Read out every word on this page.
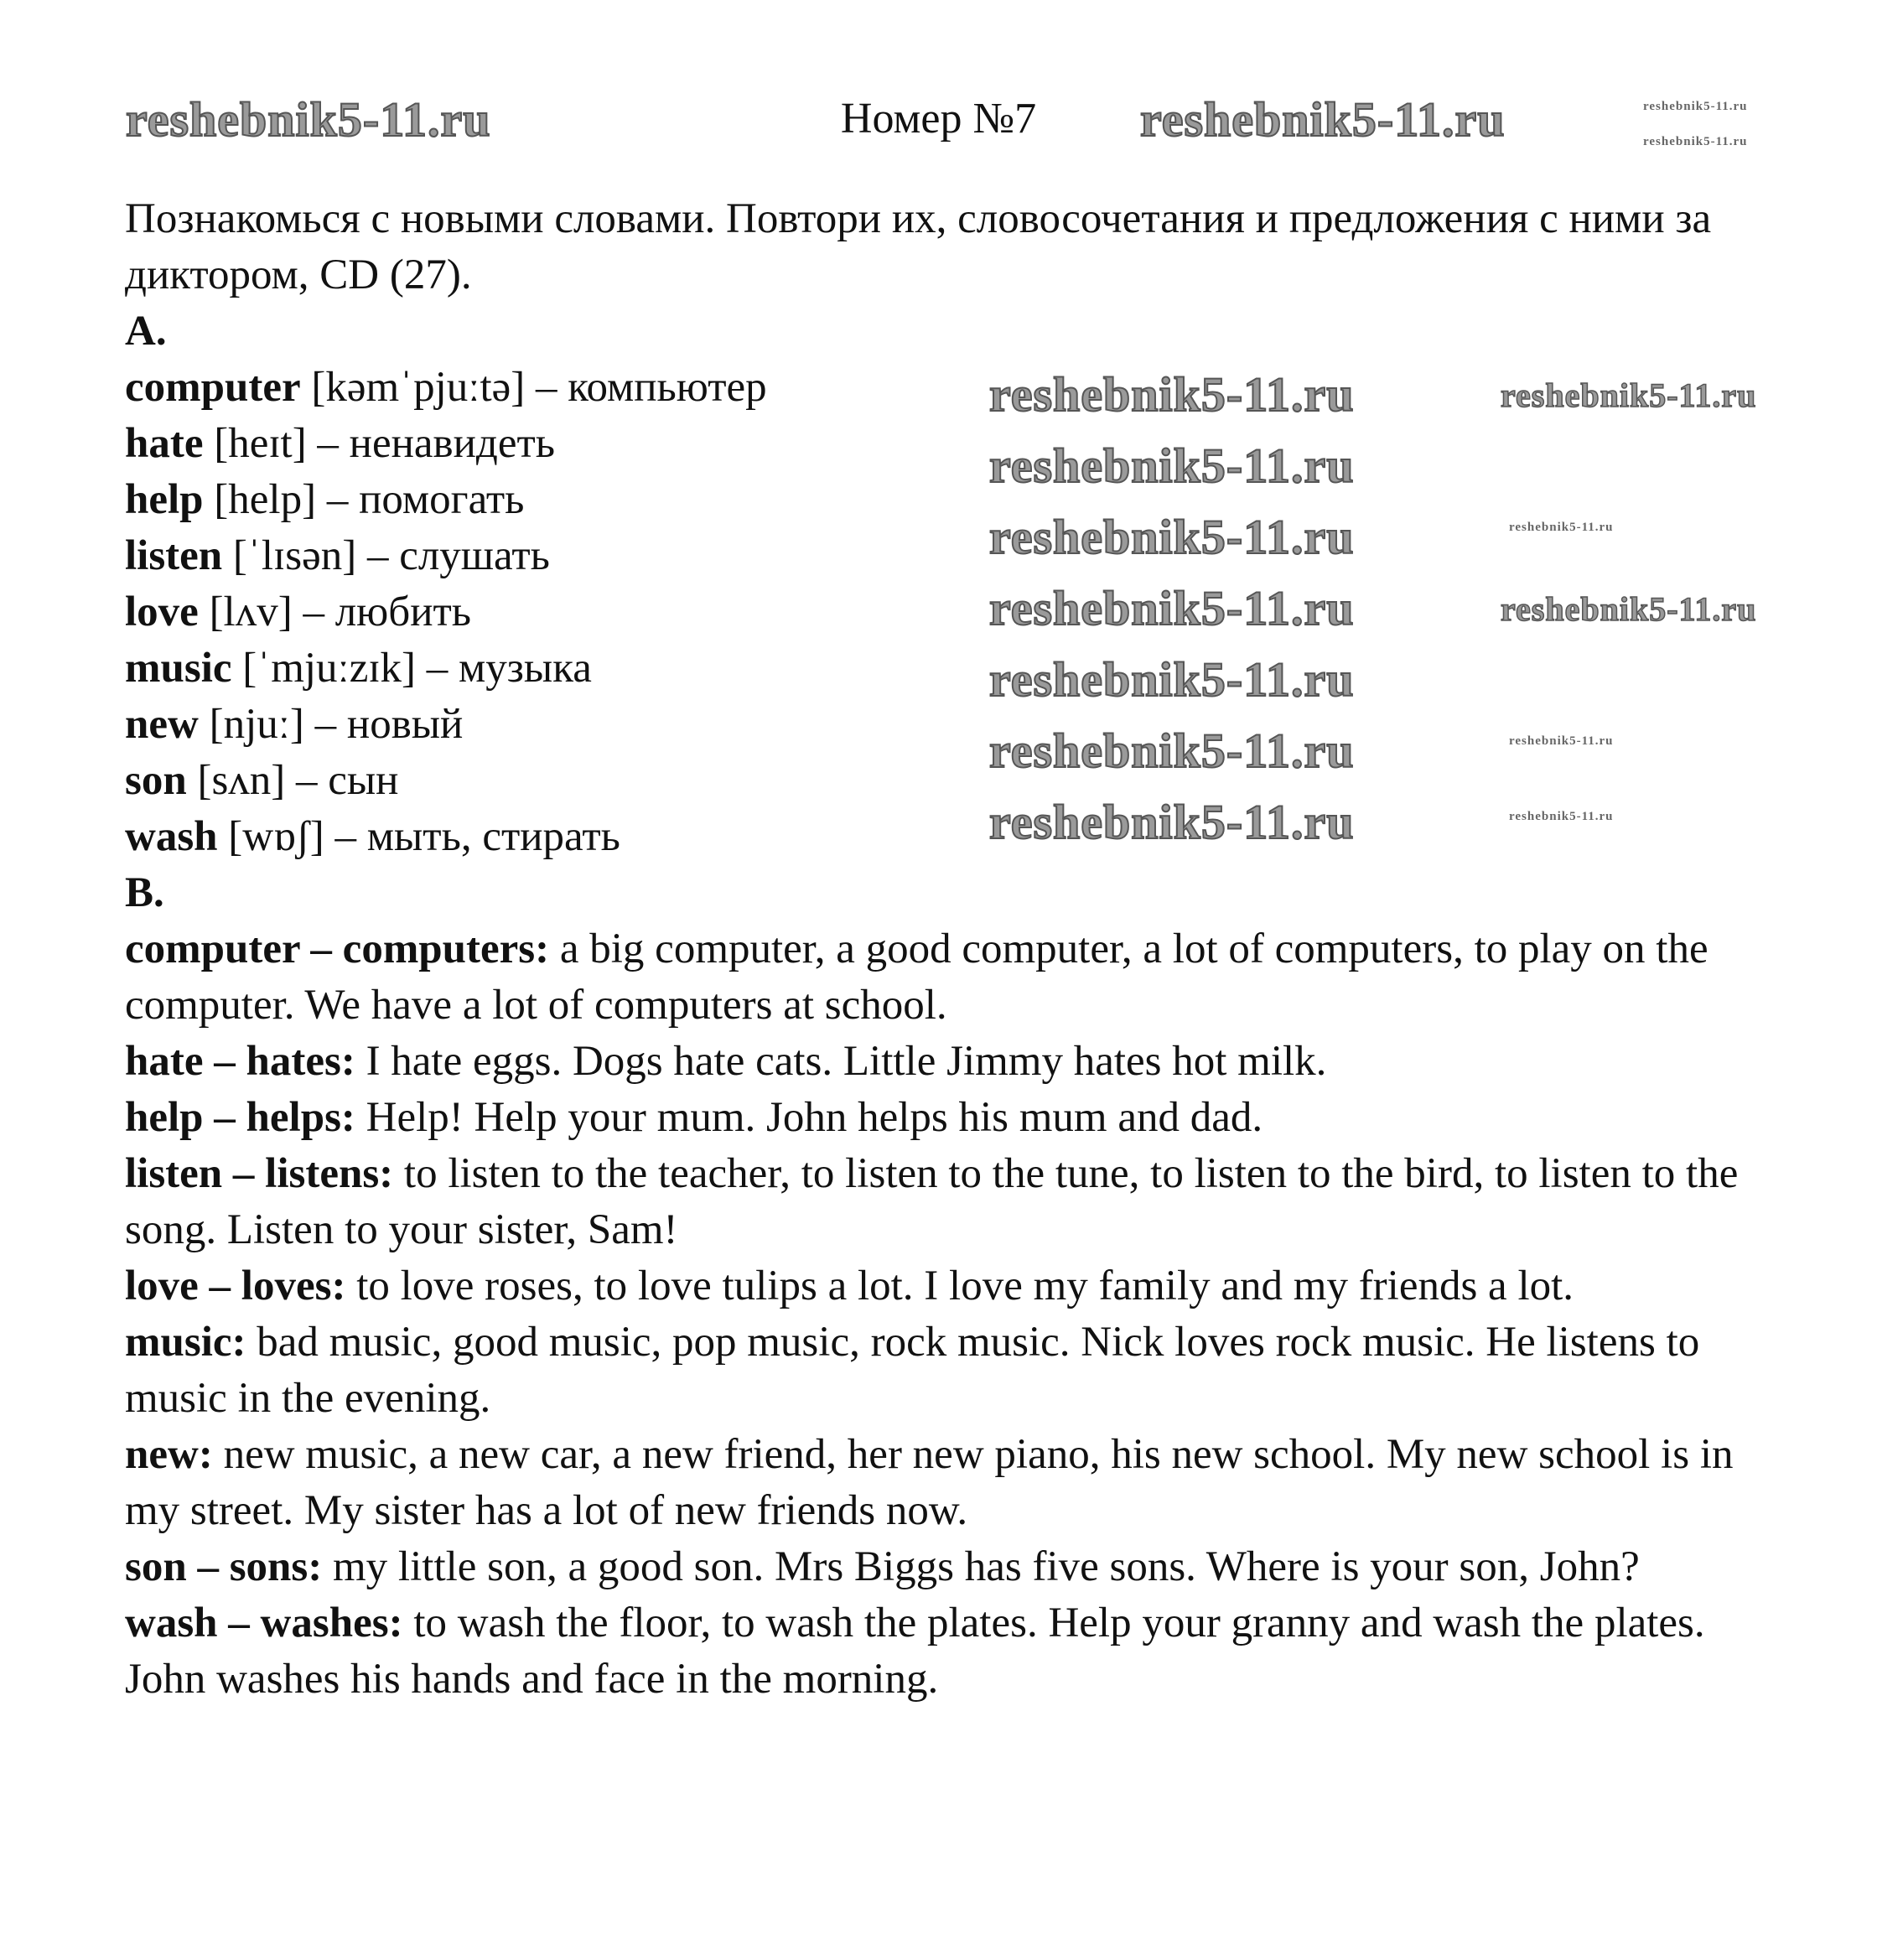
Номер №7

Познакомься с новыми словами. Повтори их, словосочетания и предложения с ними за диктором, CD (27).

A.

computer [kəmˈpjuːtə] – компьютер

hate [heɪt] – ненавидеть

help [help] – помогать

listen [ˈlɪsən] – слушать

love [lʌv] – любить

music [ˈmjuːzɪk] – музыка

new [njuː] – новый

son [sʌn] – сын

wash [wɒʃ] – мыть, стирать

B.

computer – computers: a big computer, a good computer, a lot of computers, to play on the computer. We have a lot of computers at school.

hate – hates: I hate eggs. Dogs hate cats. Little Jimmy hates hot milk.

help – helps: Help! Help your mum. John helps his mum and dad.

listen – listens: to listen to the teacher, to listen to the tune, to listen to the bird, to listen to the song. Listen to your sister, Sam!

love – loves: to love roses, to love tulips a lot. I love my family and my friends a lot.

music: bad music, good music, pop music, rock music. Nick loves rock music. He listens to music in the evening.

new: new music, a new car, a new friend, her new piano, his new school. My new school is in my street. My sister has a lot of new friends now.

son – sons: my little son, a good son. Mrs Biggs has five sons. Where is your son, John?

wash – washes: to wash the floor, to wash the plates. Help your granny and wash the plates. John washes his hands and face in the morning.

reshebnik5-11.ru	reshebnik5-11.ru	reshebnik5-11.ru
reshebnik5-11.ru
reshebnik5-11.ru
reshebnik5-11.ru
reshebnik5-11.ru
reshebnik5-11.ru
reshebnik5-11.ru
reshebnik5-11.ru
reshebnik5-11.ru
reshebnik5-11.ru
reshebnik5-11.ru
reshebnik5-11.ru
reshebnik5-11.ru
reshebnik5-11.ru
